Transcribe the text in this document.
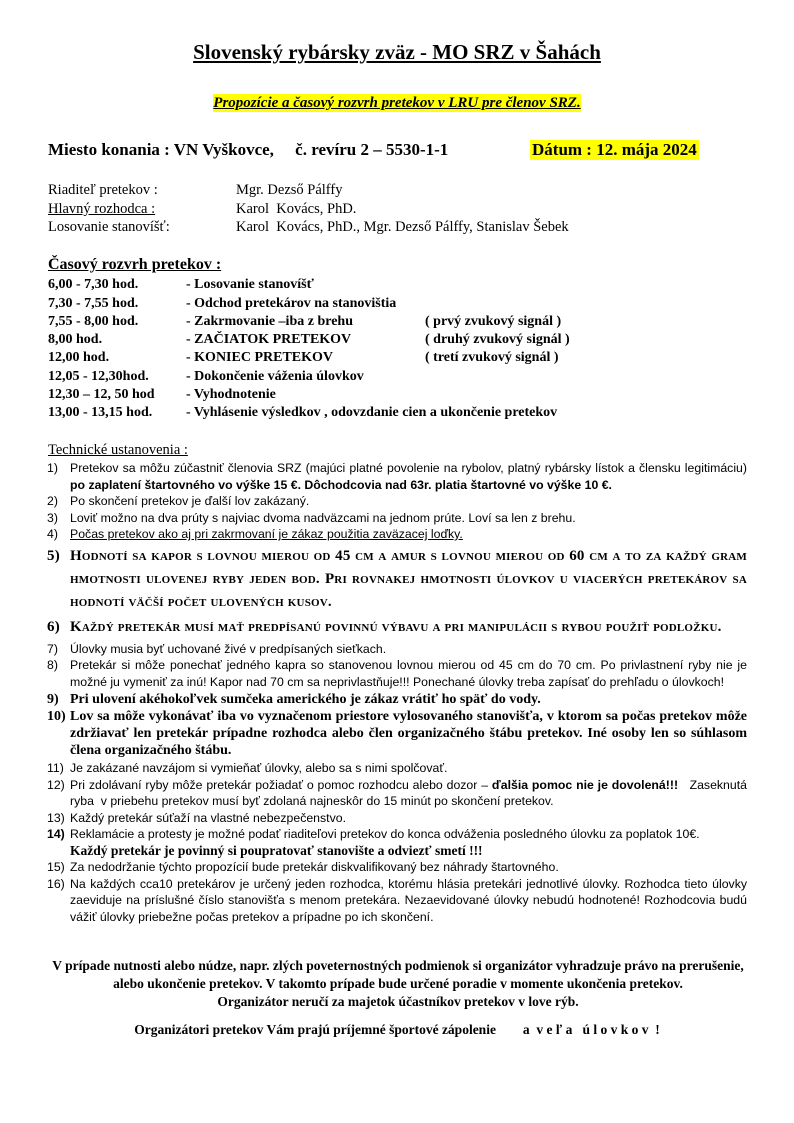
Slovenský rybársky zväz - MO SRZ v Šahách
Propozície a časový rozvrh pretekov v LRU pre členov SRZ.
Miesto konania : VN Vyškovce,     č. revíru 2 – 5530-1-1	Dátum : 12. mája 2024
Riaditeľ pretekov :	Mgr. Dezső Pálffy
Hlavný rozhodca :	Karol  Kovács, PhD.
Losovanie stanovíšť:	Karol  Kovács, PhD., Mgr. Dezső Pálffy, Stanislav Šebek
Časový rozvrh pretekov :
6,00 - 7,30 hod.	- Losovanie stanovíšť
7,30 - 7,55 hod.	- Odchod pretekárov na stanovištia
7,55 - 8,00 hod.	- Zakrmovanie –iba z brehu	( prvý zvukový signál )
8,00 hod.	- ZAČIATOK PRETEKOV	( druhý zvukový signál )
12,00 hod.	- KONIEC PRETEKOV	( tretí zvukový signál )
12,05 - 12,30hod.	- Dokončenie váženia úlovkov
12,30 – 12, 50 hod - Vyhodnotenie
13,00 - 13,15 hod. - Vyhlásenie výsledkov , odovzdanie cien a ukončenie pretekov
Technické ustanovenia :
1) Pretekov sa môžu zúčastniť členovia SRZ (majúci platné povolenie na rybolov, platný rybársky lístok a člensku legitimáciu) po zaplatení štartovného vo výške 15 €. Dôchodcovia nad 63r. platia štartovné vo výške 10 €.
2) Po skončení pretekov je ďalší lov zakázaný.
3) Loviť možno na dva prúty s najviac dvoma nadväzcami na jednom prúte. Loví sa len z brehu.
4) Počas pretekov ako aj pri zakrmovaní je zákaz použitia zaväzacej loďky.
5) Hodnotí sa kapor s lovnou mierou od 45 cm a amur s lovnou mierou od 60 cm a to za každý gram hmotnosti ulovenej ryby jeden bod. Pri rovnakej hmotnosti úlovkov u viacerých pretekárov sa hodnotí väčší počet ulovených kusov.
6) Každý pretekár musí mať predpísanú povinnú výbavu a pri manipulácii s rybou použiť podložku.
7) Úlovky musia byť uchované živé v predpísaných sieťkach.
8) Pretekár si môže ponechať jedného kapra so stanovenou lovnou mierou od 45 cm do 70 cm. Po privlastnení ryby nie je možné ju vymeniť za inú! Kapor nad 70 cm sa neprivlastňuje!!! Ponechané úlovky treba zapísať do prehľadu o úlovkoch!
9) Pri ulovení akéhokoľvek sumčeka amerického je zákaz vrátiť ho späť do vody.
10) Lov sa môže vykonávať iba vo vyznačenom priestore vylosovaného stanovišťa, v ktorom sa počas pretekov môže zdržiavať len pretekár prípadne rozhodca alebo člen organizačného štábu pretekov. Iné osoby len so súhlasom člena organizačného štábu.
11) Je zakázané navzájom si vymieňať úlovky, alebo sa s nimi spolčovať.
12) Pri zdolávaní ryby môže pretekár požiadať o pomoc rozhodcu alebo dozor – ďalšia pomoc nie je dovolená!!!   Zaseknutá ryba  v priebehu pretekov musí byť zdolaná najneskôr do 15 minút po skončení pretekov.
13) Každý pretekár súťaží na vlastné nebezpečenstvo.
14) Reklamácie a protesty je možné podať riaditeľovi pretekov do konca odváženia posledného úlovku za poplatok 10€.
Každý pretekár je povinný si poupratovať stanovište a odviezť smetí !!!
15) Za nedodržanie týchto propozícií bude pretekár diskvalifikovaný bez náhrady štartovného.
16) Na každých cca10 pretekárov je určený jeden rozhodca, ktorému hlásia pretekári jednotlivé úlovky. Rozhodca tieto úlovky zaeviduje na príslušné číslo stanovišťa s menom pretekára. Nezaevidované úlovky nebudú hodnotené! Rozhodcovia budú vážiť úlovky priebežne počas pretekov a prípadne po ich skončení.
V prípade nutnosti alebo núdze, napr. zlých poveternostných podmienok si organizátor vyhradzuje právo na prerušenie, alebo ukončenie pretekov. V takomto prípade bude určené poradie v momente ukončenia pretekov.
Organizátor neručí za majetok účastníkov pretekov v love rýb.
Organizátori pretekov Vám prajú príjemné športové zápolenie        a  v e ľ a   ú l o v k o v  !
